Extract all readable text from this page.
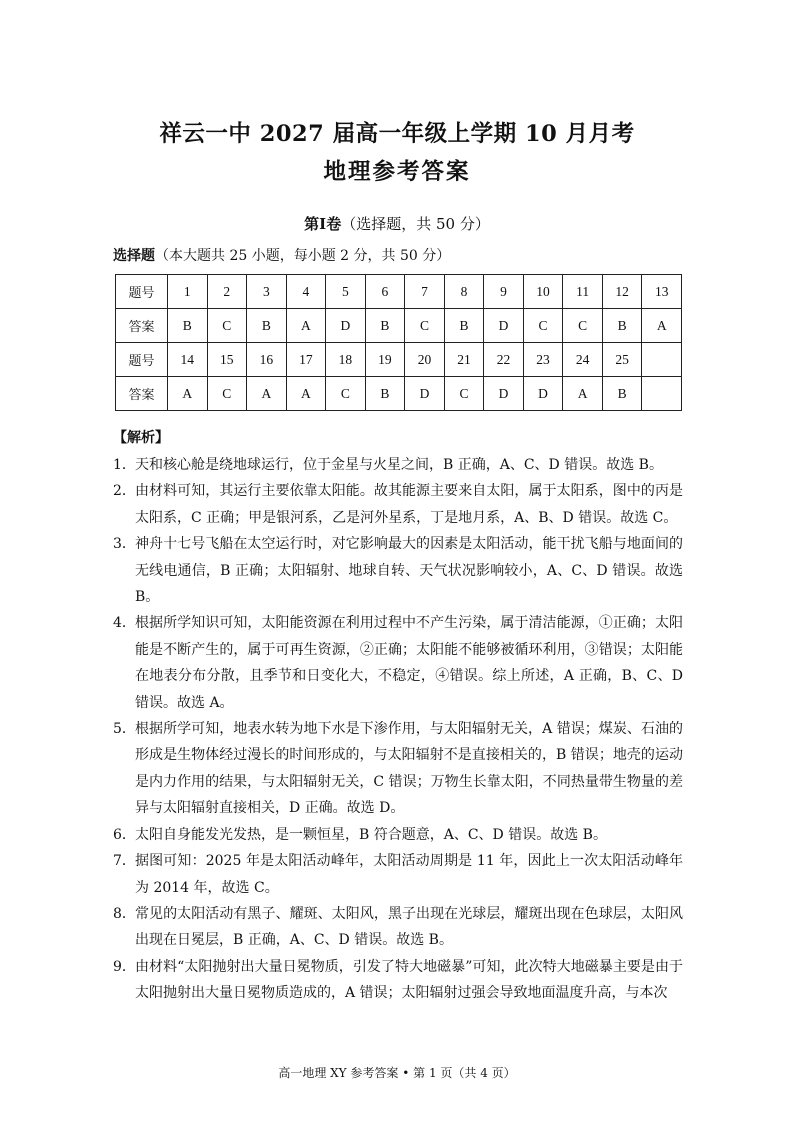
祥云一中 2027 届高一年级上学期 10 月月考
地理参考答案
第Ⅰ卷（选择题，共 50 分）
选择题（本大题共 25 小题，每小题 2 分，共 50 分）
题号	1	2	3	4	5	6	7	8	9	10	11	12	13
答案	B	C	B	A	D	B	C	B	D	C	C	B	A
题号	14	15	16	17	18	19	20	21	22	23	24	25	
答案	A	C	A	A	C	B	D	C	D	D	A	B	
【解析】
1． 天和核心舱是绕地球运行，位于金星与火星之间，B 正确，A、C、D 错误。故选 B。
2． 由材料可知，其运行主要依靠太阳能。故其能源主要来自太阳，属于太阳系，图中的丙是太阳系，C 正确；甲是银河系，乙是河外星系，丁是地月系，A、B、D 错误。故选 C。
3． 神舟十七号飞船在太空运行时，对它影响最大的因素是太阳活动，能干扰飞船与地面间的无线电通信，B 正确；太阳辐射、地球自转、天气状况影响较小，A、C、D 错误。故选 B。
4． 根据所学知识可知，太阳能资源在利用过程中不产生污染，属于清洁能源，①正确；太阳能是不断产生的，属于可再生资源，②正确；太阳能不能够被循环利用，③错误；太阳能在地表分布分散，且季节和日变化大，不稳定，④错误。综上所述，A 正确，B、C、D 错误。故选 A。
5． 根据所学可知，地表水转为地下水是下渗作用，与太阳辐射无关，A 错误；煤炭、石油的形成是生物体经过漫长的时间形成的，与太阳辐射不是直接相关的，B 错误；地壳的运动是内力作用的结果，与太阳辐射无关，C 错误；万物生长靠太阳，不同热量带生物量的差异与太阳辐射直接相关，D 正确。故选 D。
6． 太阳自身能发光发热，是一颗恒星，B 符合题意，A、C、D 错误。故选 B。
7． 据图可知：2025 年是太阳活动峰年，太阳活动周期是 11 年，因此上一次太阳活动峰年为 2014 年，故选 C。
8． 常见的太阳活动有黑子、耀斑、太阳风，黑子出现在光球层，耀斑出现在色球层，太阳风出现在日冕层，B 正确，A、C、D 错误。故选 B。
9． 由材料“太阳抛射出大量日冕物质，引发了特大地磁暴”可知，此次特大地磁暴主要是由于太阳抛射出大量日冕物质造成的，A 错误；太阳辐射过强会导致地面温度升高，与本次
高一地理 XY 参考答案 • 第 1 页（共 4 页）
